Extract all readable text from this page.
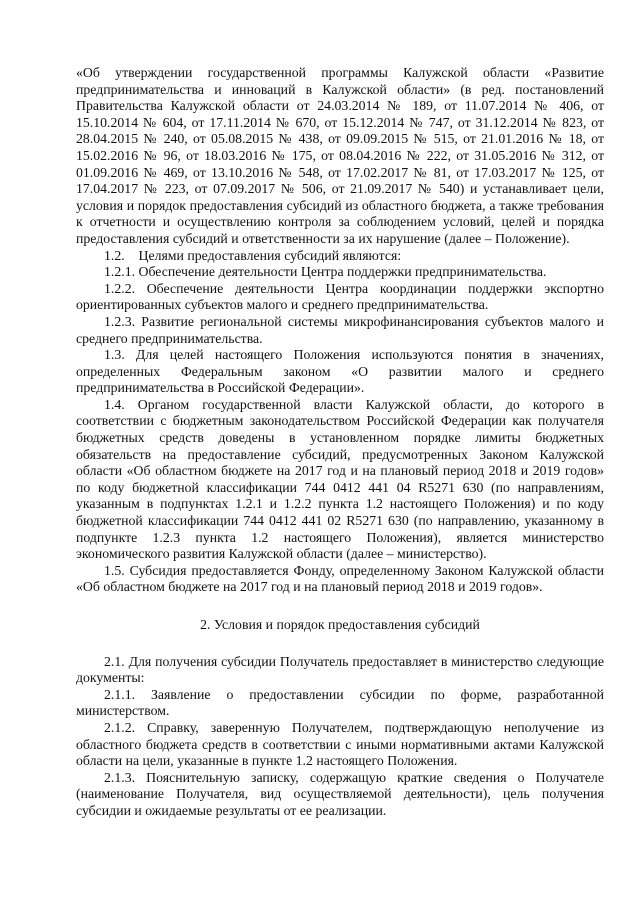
«Об утверждении государственной программы Калужской области «Развитие предпринимательства и инноваций в Калужской области» (в ред. постановлений Правительства Калужской области от 24.03.2014 № 189, от 11.07.2014 № 406, от 15.10.2014 № 604, от 17.11.2014 № 670, от 15.12.2014 № 747, от 31.12.2014 № 823, от 28.04.2015 № 240, от 05.08.2015 № 438, от 09.09.2015 № 515, от 21.01.2016 № 18, от 15.02.2016 № 96, от 18.03.2016 № 175, от 08.04.2016 № 222, от 31.05.2016 № 312, от 01.09.2016 № 469, от 13.10.2016 № 548, от 17.02.2017 № 81, от 17.03.2017 № 125, от 17.04.2017 № 223, от 07.09.2017 № 506, от 21.09.2017 № 540) и устанавливает цели, условия и порядок предоставления субсидий из областного бюджета, а также требования к отчетности и осуществлению контроля за соблюдением условий, целей и порядка предоставления субсидий и ответственности за их нарушение (далее – Положение).

1.2.    Целями предоставления субсидий являются:

1.2.1. Обеспечение деятельности Центра поддержки предпринимательства.

1.2.2. Обеспечение деятельности Центра координации поддержки экспортно ориентированных субъектов малого и среднего предпринимательства.

1.2.3. Развитие региональной системы микрофинансирования субъектов малого и среднего предпринимательства.

1.3. Для целей настоящего Положения используются понятия в значениях, определенных Федеральным законом «О развитии малого и среднего предпринимательства в Российской Федерации».

1.4. Органом государственной власти Калужской области, до которого в соответствии с бюджетным законодательством Российской Федерации как получателя бюджетных средств доведены в установленном порядке лимиты бюджетных обязательств на предоставление субсидий, предусмотренных Законом Калужской области «Об областном бюджете на 2017 год и на плановый период 2018 и 2019 годов» по коду бюджетной классификации 744 0412 441 04 R5271 630 (по направлениям, указанным в подпунктах 1.2.1 и 1.2.2 пункта 1.2 настоящего Положения) и по коду бюджетной классификации 744 0412 441 02 R5271 630 (по направлению, указанному в подпункте 1.2.3 пункта 1.2 настоящего Положения), является министерство экономического развития Калужской области (далее – министерство).

1.5. Субсидия предоставляется Фонду, определенному Законом Калужской области «Об областном бюджете на 2017 год и на плановый период 2018 и 2019 годов».

2. Условия и порядок предоставления субсидий

2.1. Для получения субсидии Получатель предоставляет в министерство следующие документы:

2.1.1. Заявление о предоставлении субсидии по форме, разработанной министерством.

2.1.2. Справку, заверенную Получателем, подтверждающую неполучение из областного бюджета средств в соответствии с иными нормативными актами Калужской области на цели, указанные в пункте 1.2 настоящего Положения.

2.1.3. Пояснительную записку, содержащую краткие сведения о Получателе (наименование Получателя, вид осуществляемой деятельности), цель получения субсидии и ожидаемые результаты от ее реализации.
